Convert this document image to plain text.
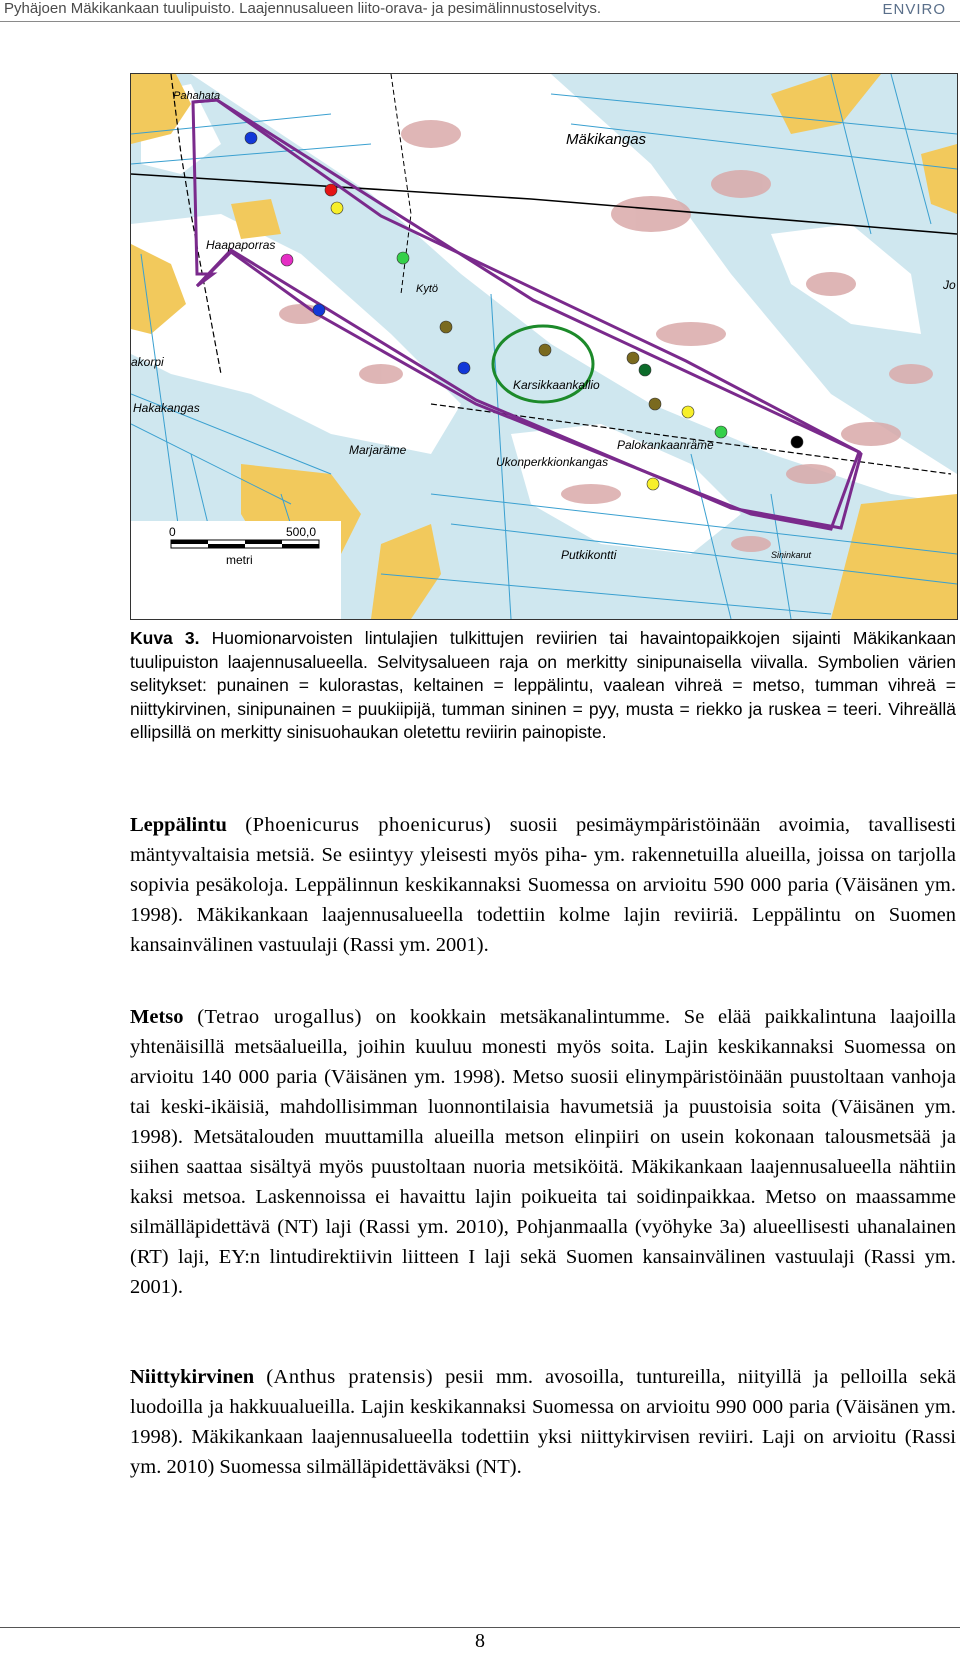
Pyhäjoen Mäkikankaan tuulipuisto. Laajennusalueen liito-orava- ja pesimälinnustoselvitys.	ENVIRO
Mäkikangas
Pahahata
Haapaporras
Kytö
akorpi
Hakakangas
Karsikkaankallio
Palokankaanräme
Marjaräme
Ukonperkkionkangas
Putkikontti	Sininkarut
Jo
0	500,0
metri
Kuva 3. Huomionarvoisten lintulajien tulkittujen reviirien tai havaintopaikkojen sijainti Mäkikankaan tuulipuiston laajennusalueella. Selvitysalueen raja on merkitty sinipunaisella viivalla. Symbolien värien selitykset: punainen = kulorastas, keltainen = leppälintu, vaalean vihreä = metso, tumman vihreä = niittykirvinen, sinipunainen = puukiipijä, tumman sininen = pyy, musta = riekko ja ruskea = teeri. Vihreällä ellipsillä on merkitty sinisuohaukan oletettu reviirin painopiste.
Leppälintu (Phoenicurus phoenicurus) suosii pesimäympäristöinään avoimia, tavallisesti mäntyvaltaisia metsiä. Se esiintyy yleisesti myös piha- ym. rakennetuilla alueilla, joissa on tarjolla sopivia pesäkoloja. Leppälinnun keskikannaksi Suomessa on arvioitu 590 000 paria (Väisänen ym. 1998). Mäkikankaan laajennusalueella todettiin kolme lajin reviiriä. Leppälintu on Suomen kansainvälinen vastuulaji (Rassi ym. 2001).
Metso (Tetrao urogallus) on kookkain metsäkanalintumme. Se elää paikkalintuna laajoilla yhtenäisillä metsäalueilla, joihin kuuluu monesti myös soita. Lajin keskikannaksi Suomessa on arvioitu 140 000 paria (Väisänen ym. 1998). Metso suosii elinympäristöinään puustoltaan vanhoja tai keski-ikäisiä, mahdollisimman luonnontilaisia havumetsiä ja puustoisia soita (Väisänen ym. 1998). Metsätalouden muuttamilla alueilla metson elinpiiri on usein kokonaan talousmetsää ja siihen saattaa sisältyä myös puustoltaan nuoria metsiköitä. Mäkikankaan laajennusalueella nähtiin kaksi metsoa. Laskennoissa ei havaittu lajin poikueita tai soidinpaikkaa. Metso on maassamme silmälläpidettävä (NT) laji (Rassi ym. 2010), Pohjanmaalla (vyöhyke 3a) alueellisesti uhanalainen (RT) laji, EY:n lintudirektiivin liitteen I laji sekä Suomen kansainvälinen vastuulaji (Rassi ym. 2001).
Niittykirvinen (Anthus pratensis) pesii mm. avosoilla, tuntureilla, niityillä ja pelloilla sekä luodoilla ja hakkuualueilla. Lajin keskikannaksi Suomessa on arvioitu 990 000 paria (Väisänen ym. 1998). Mäkikankaan laajennusalueella todettiin yksi niittykirvisen reviiri. Laji on arvioitu (Rassi ym. 2010) Suomessa silmälläpidettäväksi (NT).
8
